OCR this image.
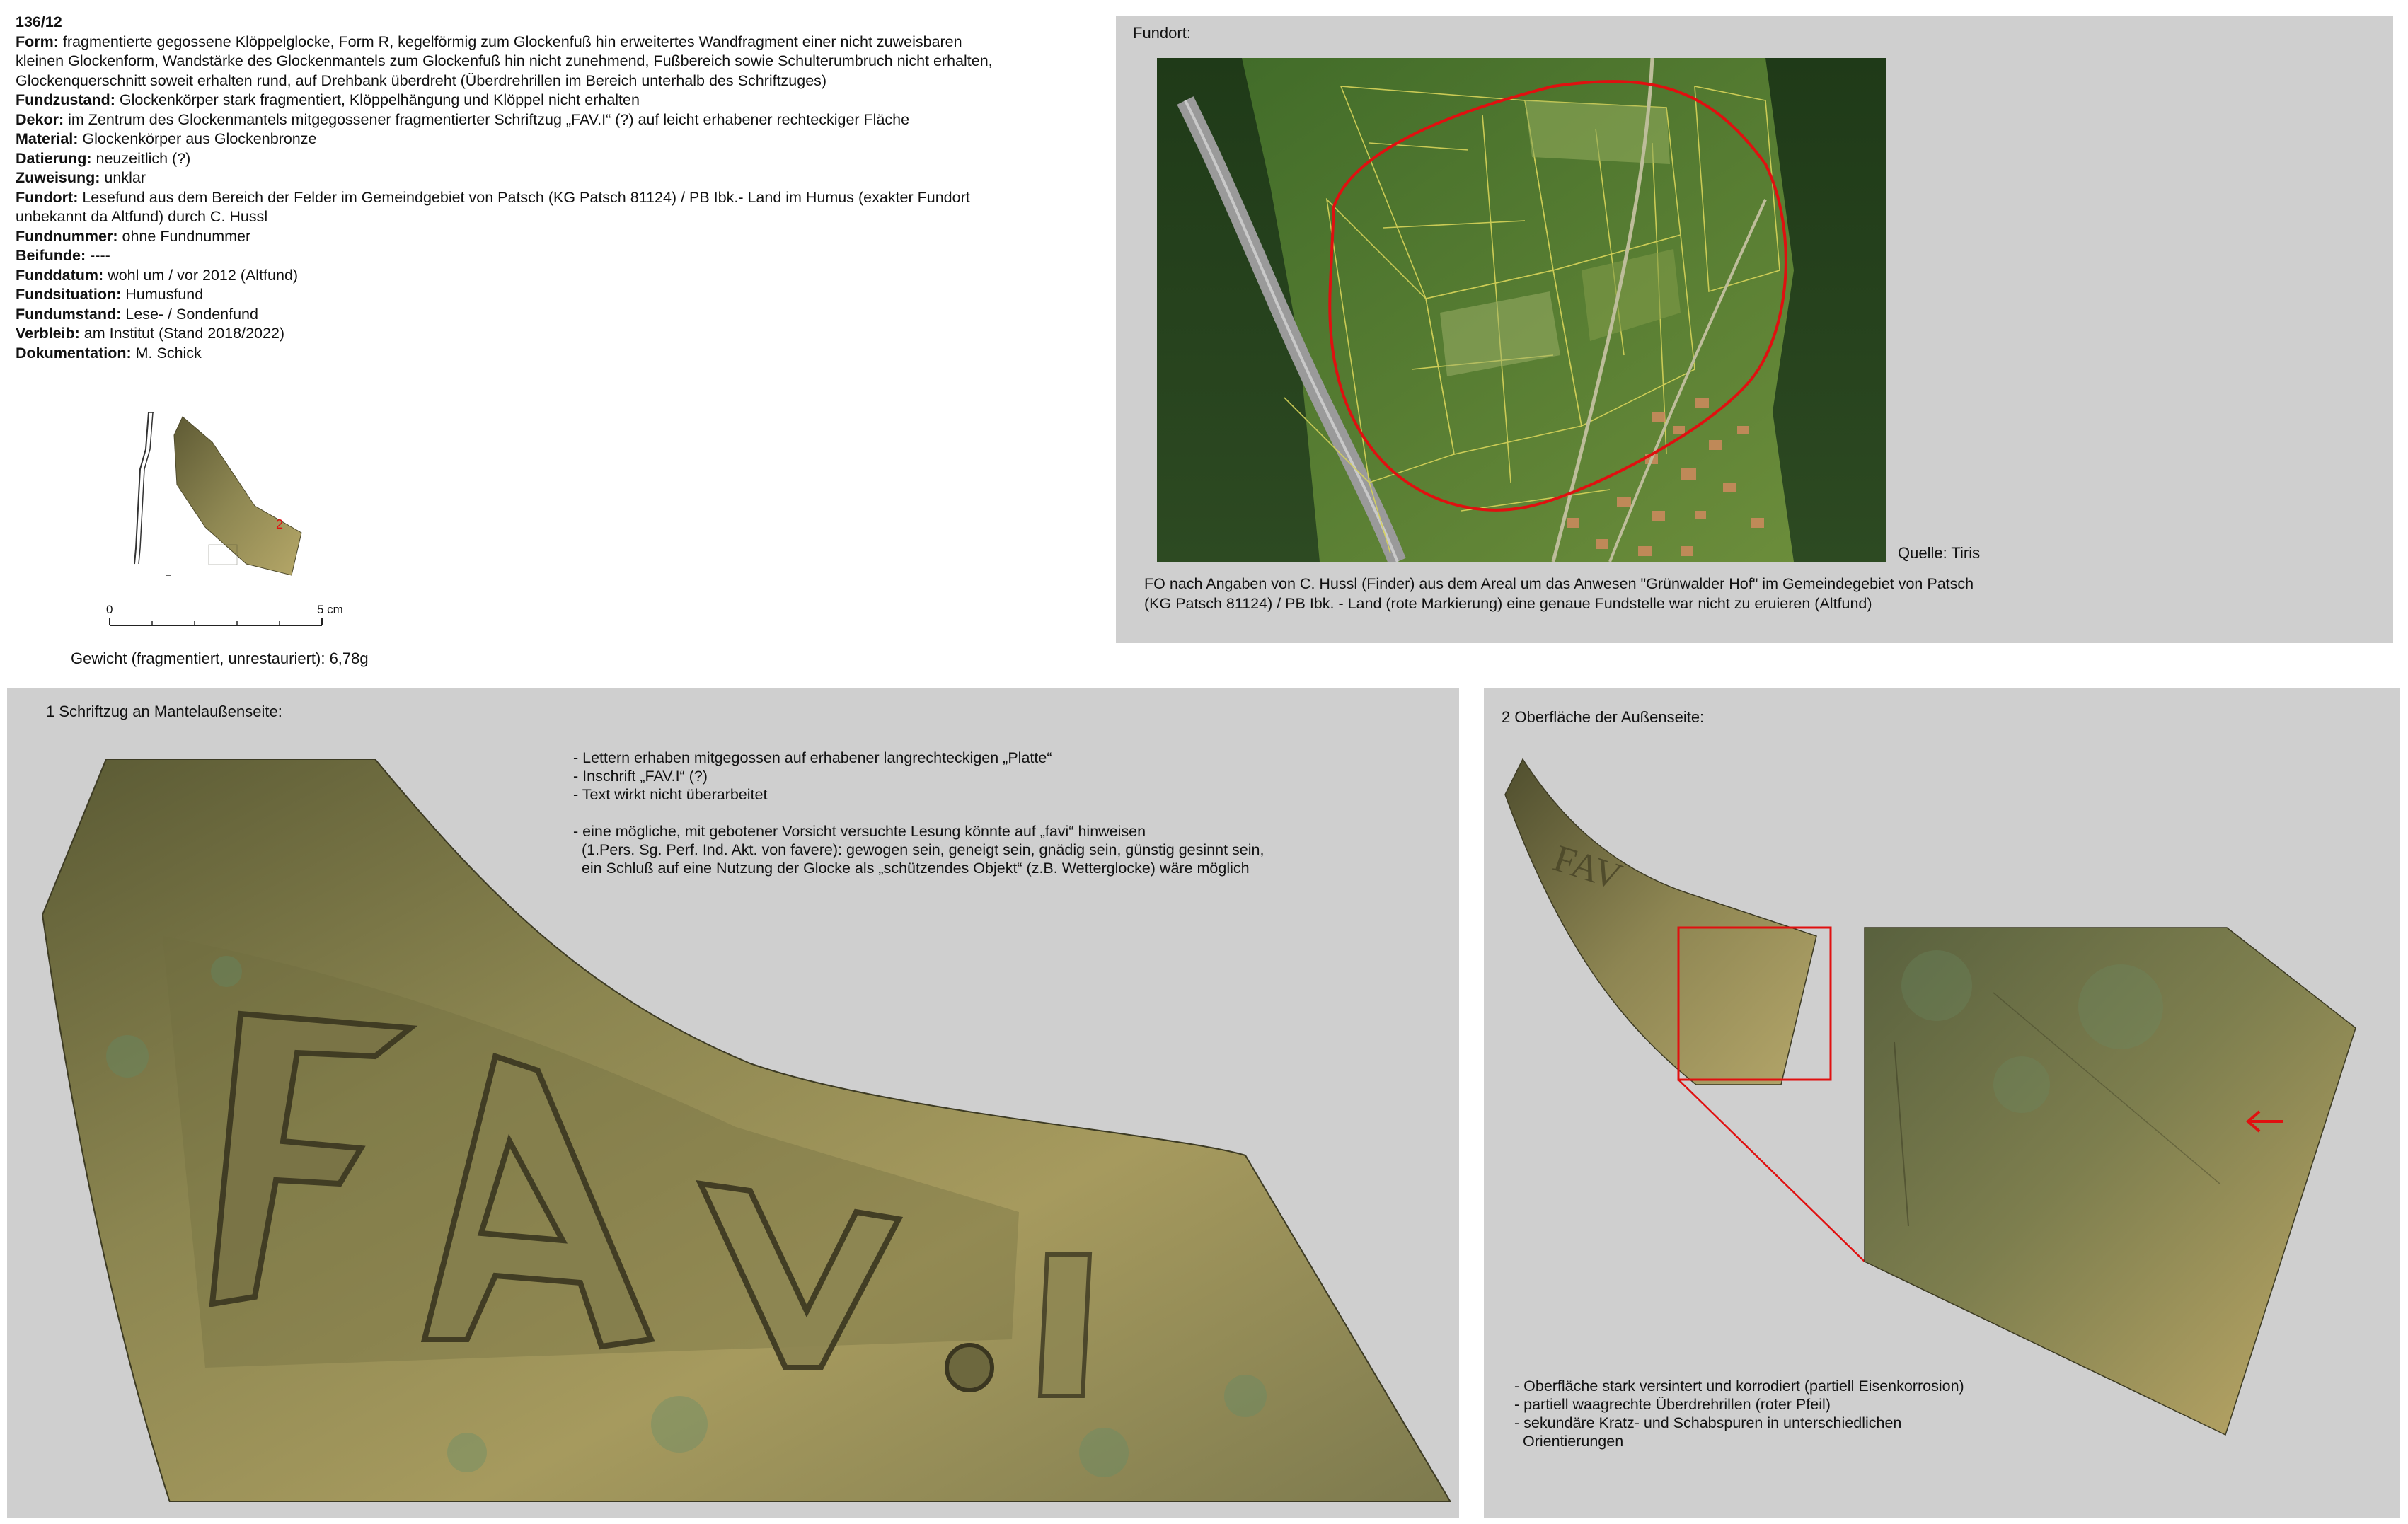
136/12
Form: fragmentierte gegossene Klöppelglocke, Form R, kegelförmig zum Glockenfuß hin erweitertes Wandfragment einer nicht zuweisbaren
kleinen Glockenform, Wandstärke des Glockenmantels zum Glockenfuß hin nicht zunehmend, Fußbereich sowie Schulterumbruch nicht erhalten,
Glockenquerschnitt soweit erhalten rund, auf Drehbank überdreht (Überdrehrillen im Bereich unterhalb des Schriftzuges)
Fundzustand: Glockenkörper stark fragmentiert, Klöppelhängung und Klöppel nicht erhalten
Dekor: im Zentrum des Glockenmantels mitgegossener fragmentierter Schriftzug „FAV.I“ (?) auf leicht erhabener rechteckiger Fläche
Material: Glockenkörper aus Glockenbronze
Datierung: neuzeitlich (?)
Zuweisung: unklar
Fundort: Lesefund aus dem Bereich der Felder im Gemeindgebiet von Patsch (KG Patsch 81124) / PB Ibk.- Land im Humus (exakter Fundort
unbekannt da Altfund) durch C. Hussl
Fundnummer: ohne Fundnummer
Beifunde: ----
Funddatum: wohl um / vor 2012 (Altfund)
Fundsituation: Humusfund
Fundumstand: Lese- / Sondenfund
Verbleib: am Institut (Stand 2018/2022)
Dokumentation: M. Schick
2
0	5 cm
Gewicht (fragmentiert, unrestauriert): 6,78g
Fundort:
Quelle: Tiris
FO nach Angaben von C. Hussl (Finder) aus dem Areal um das Anwesen "Grünwalder Hof" im Gemeindegebiet von Patsch
(KG Patsch 81124) / PB Ibk. - Land (rote Markierung) eine genaue Fundstelle war nicht zu eruieren (Altfund)
1 Schriftzug an Mantelaußenseite:
- Lettern erhaben mitgegossen auf erhabener langrechteckigen „Platte“
- Inschrift „FAV.I“ (?)
- Text wirkt nicht überarbeitet
- eine mögliche, mit gebotener Vorsicht versuchte Lesung könnte auf „favi“ hinweisen
(1.Pers. Sg. Perf. Ind. Akt. von favere): gewogen sein, geneigt sein, gnädig sein, günstig gesinnt sein,
ein Schluß auf eine Nutzung der Glocke als „schützendes Objekt“ (z.B. Wetterglocke) wäre möglich
2 Oberfläche der Außenseite:
FAV
- Oberfläche stark versintert und korrodiert (partiell Eisenkorrosion)
- partiell waagrechte Überdrehrillen (roter Pfeil)
- sekundäre Kratz- und Schabspuren in unterschiedlichen
Orientierungen
